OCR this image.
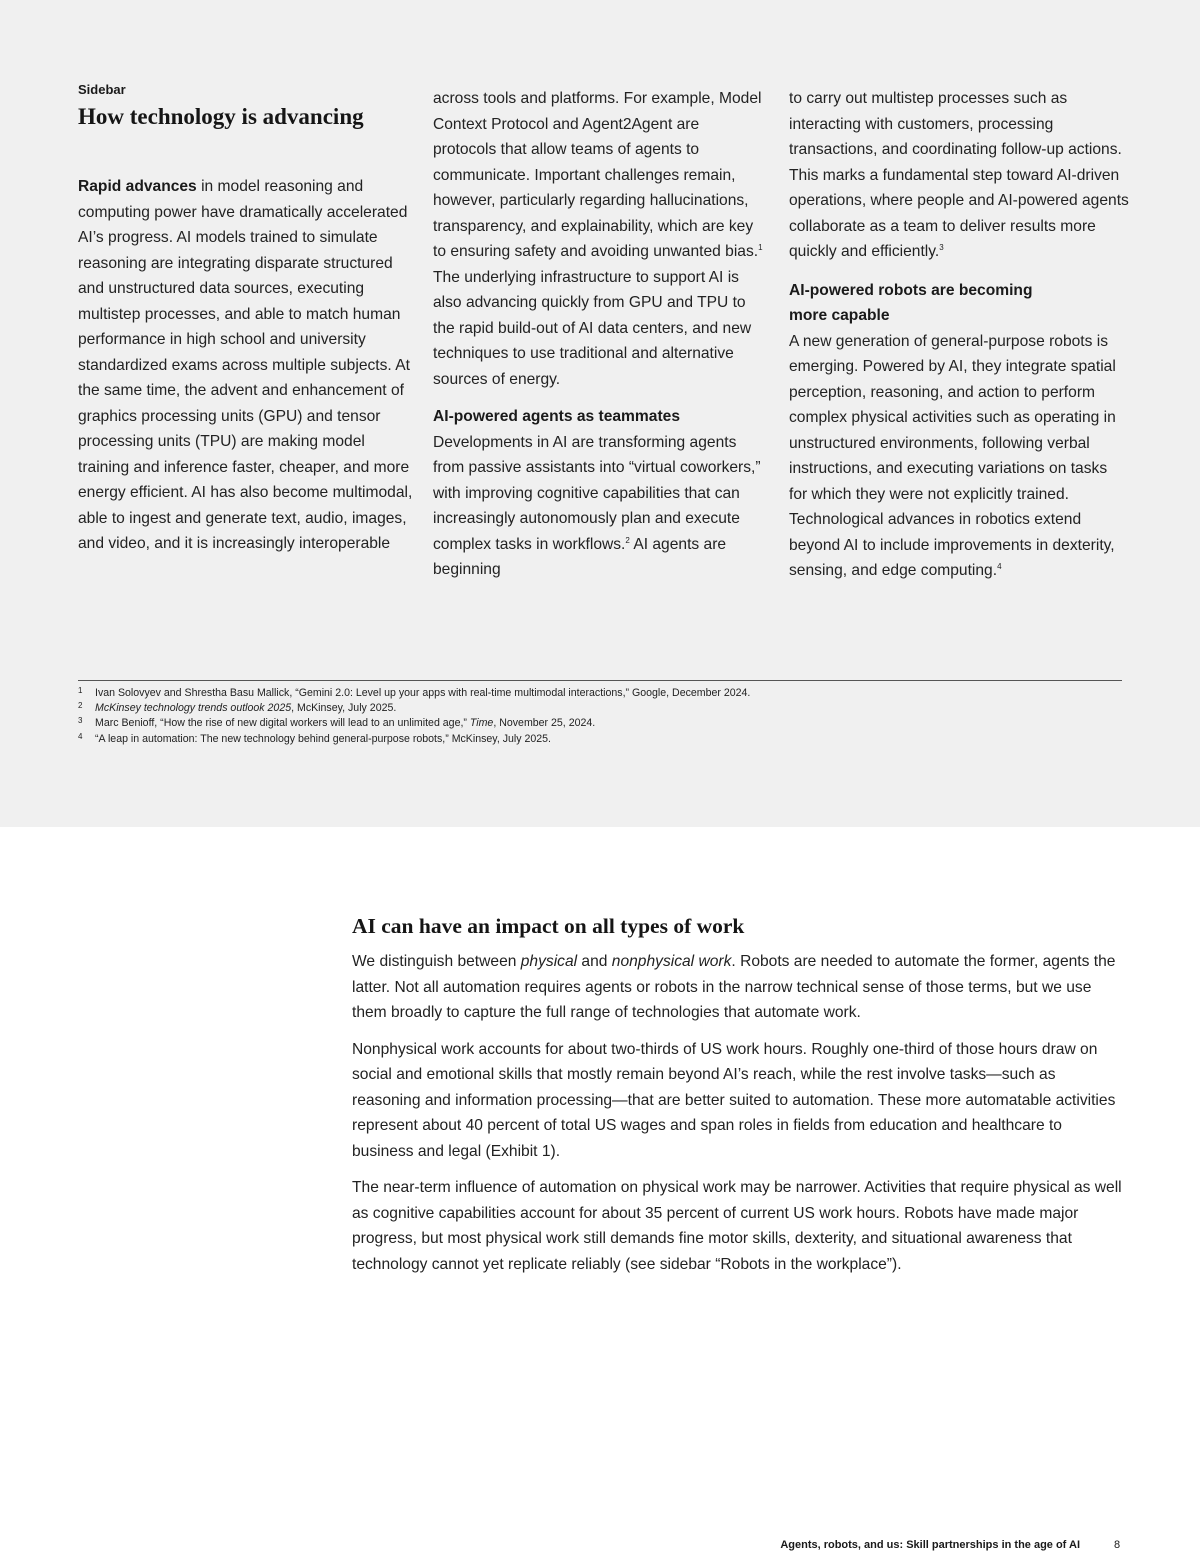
Sidebar
How technology is advancing

Rapid advances in model reasoning and computing power have dramatically accelerated AI’s progress. AI models trained to simulate reasoning are integrating disparate structured and unstructured data sources, executing multistep processes, and able to match human performance in high school and university standardized exams across multiple subjects. At the same time, the advent and enhancement of graphics processing units (GPU) and tensor processing units (TPU) are making model training and inference faster, cheaper, and more energy efficient. AI has also become multimodal, able to ingest and generate text, audio, images, and video, and it is increasingly interoperable

across tools and platforms. For example, Model Context Protocol and Agent2Agent are protocols that allow teams of agents to communicate. Important challenges remain, however, particularly regarding hallucinations, transparency, and explainability, which are key to ensuring safety and avoiding unwanted bias.$^1$ The underlying infrastructure to support AI is also advancing quickly from GPU and TPU to the rapid build-out of AI data centers, and new techniques to use traditional and alternative sources of energy.

AI-powered agents as teammates

Developments in AI are transforming agents from passive assistants into “virtual coworkers,” with improving cognitive capabilities that can increasingly autonomously plan and execute complex tasks in workflows.$^2$ AI agents are beginning

to carry out multistep processes such as interacting with customers, processing transactions, and coordinating follow-up actions. This marks a fundamental step toward AI-driven operations, where people and AI-powered agents collaborate as a team to deliver results more quickly and efficiently.$^3$

AI-powered robots are becoming more capable

A new generation of general-purpose robots is emerging. Powered by AI, they integrate spatial perception, reasoning, and action to perform complex physical activities such as operating in unstructured environments, following verbal instructions, and executing variations on tasks for which they were not explicitly trained. Technological advances in robotics extend beyond AI to include improvements in dexterity, sensing, and edge computing.$^4$

1 Ivan Solovyev and Shrestha Basu Mallick, “Gemini 2.0: Level up your apps with real-time multimodal interactions,” Google, December 2024.
2 McKinsey technology trends outlook 2025, McKinsey, July 2025.
3 Marc Benioff, “How the rise of new digital workers will lead to an unlimited age,” Time, November 25, 2024.
4 “A leap in automation: The new technology behind general-purpose robots,” McKinsey, July 2025.
AI can have an impact on all types of work

We distinguish between physical and nonphysical work. Robots are needed to automate the former, agents the latter. Not all automation requires agents or robots in the narrow technical sense of those terms, but we use them broadly to capture the full range of technologies that automate work.

Nonphysical work accounts for about two-thirds of US work hours. Roughly one-third of those hours draw on social and emotional skills that mostly remain beyond AI’s reach, while the rest involve tasks—such as reasoning and information processing—that are better suited to automation. These more automatable activities represent about 40 percent of total US wages and span roles in fields from education and healthcare to business and legal (Exhibit 1).

The near-term influence of automation on physical work may be narrower. Activities that require physical as well as cognitive capabilities account for about 35 percent of current US work hours. Robots have made major progress, but most physical work still demands fine motor skills, dexterity, and situational awareness that technology cannot yet replicate reliably (see sidebar “Robots in the workplace”).

Agents, robots, and us: Skill partnerships in the age of AI	8
